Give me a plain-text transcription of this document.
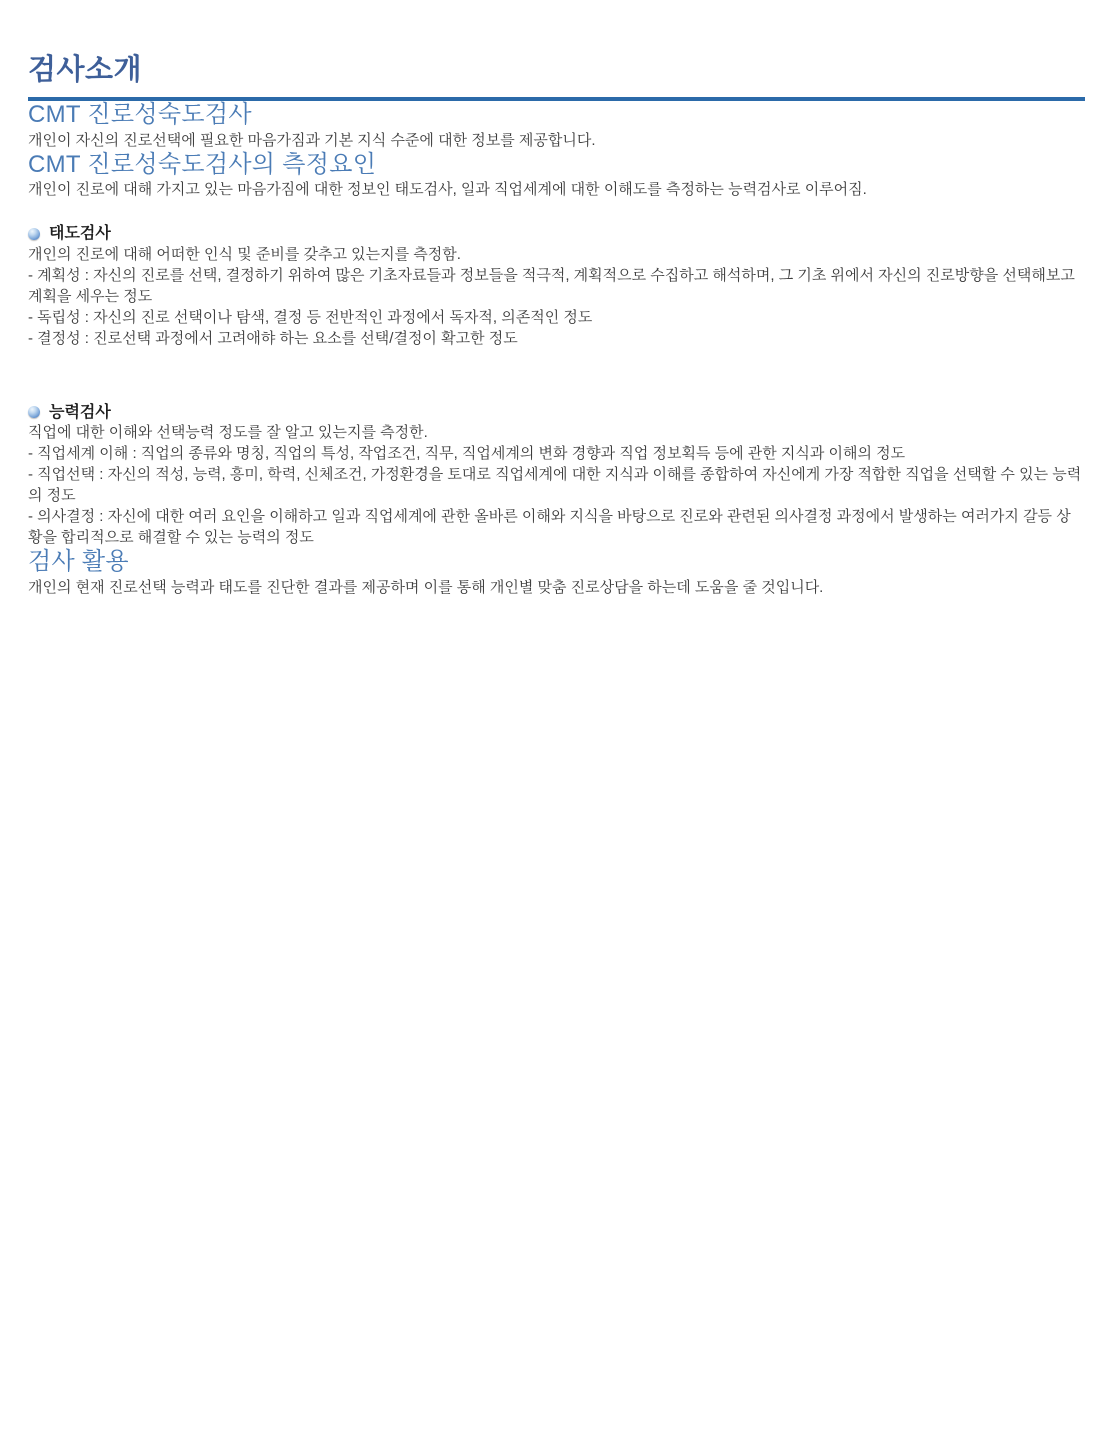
검사소개
CMT 진로성숙도검사

개인이 자신의 진로선택에 필요한 마음가짐과 기본 지식 수준에 대한 정보를 제공합니다.

CMT 진로성숙도검사의 측정요인

개인이 진로에 대해 가지고 있는 마음가짐에 대한 정보인 태도검사, 일과 직업세계에 대한 이해도를 측정하는 능력검사로 이루어짐.

태도검사

개인의 진로에 대해 어떠한 인식 및 준비를 갖추고 있는지를 측정함.

- 계획성 : 자신의 진로를 선택, 결정하기 위하여 많은 기초자료들과 정보들을 적극적, 계획적으로 수집하고 해석하며, 그 기초 위에서 자신의 진로방향을 선택해보고 계획을 세우는 정도

- 독립성 : 자신의 진로 선택이나 탐색, 결정 등 전반적인 과정에서 독자적, 의존적인 정도

- 결정성 : 진로선택 과정에서 고려애햐 하는 요소를 선택/결정이 확고한 정도

능력검사

직업에 대한 이해와 선택능력 정도를 잘 알고 있는지를 측정한.

- 직업세계 이해 : 직업의 종류와 명칭, 직업의 특성, 작업조건, 직무, 직업세계의 변화 경향과 직업 정보획득 등에 관한 지식과 이해의 정도

- 직업선택 : 자신의 적성, 능력, 흥미, 학력, 신체조건, 가정환경을 토대로 직업세계에 대한 지식과 이해를 종합하여 자신에게 가장 적합한 직업을 선택할 수 있는 능력의 정도

- 의사결정 : 자신에 대한 여러 요인을 이해하고 일과 직업세계에 관한 올바른 이해와 지식을 바탕으로 진로와 관련된 의사결정 과정에서 발생하는 여러가지 갈등 상황을 합리적으로 해결할 수 있는 능력의 정도

검사 활용

개인의 현재 진로선택 능력과 태도를 진단한 결과를 제공하며 이를 통해 개인별 맞춤 진로상담을 하는데 도움을 줄 것입니다.
